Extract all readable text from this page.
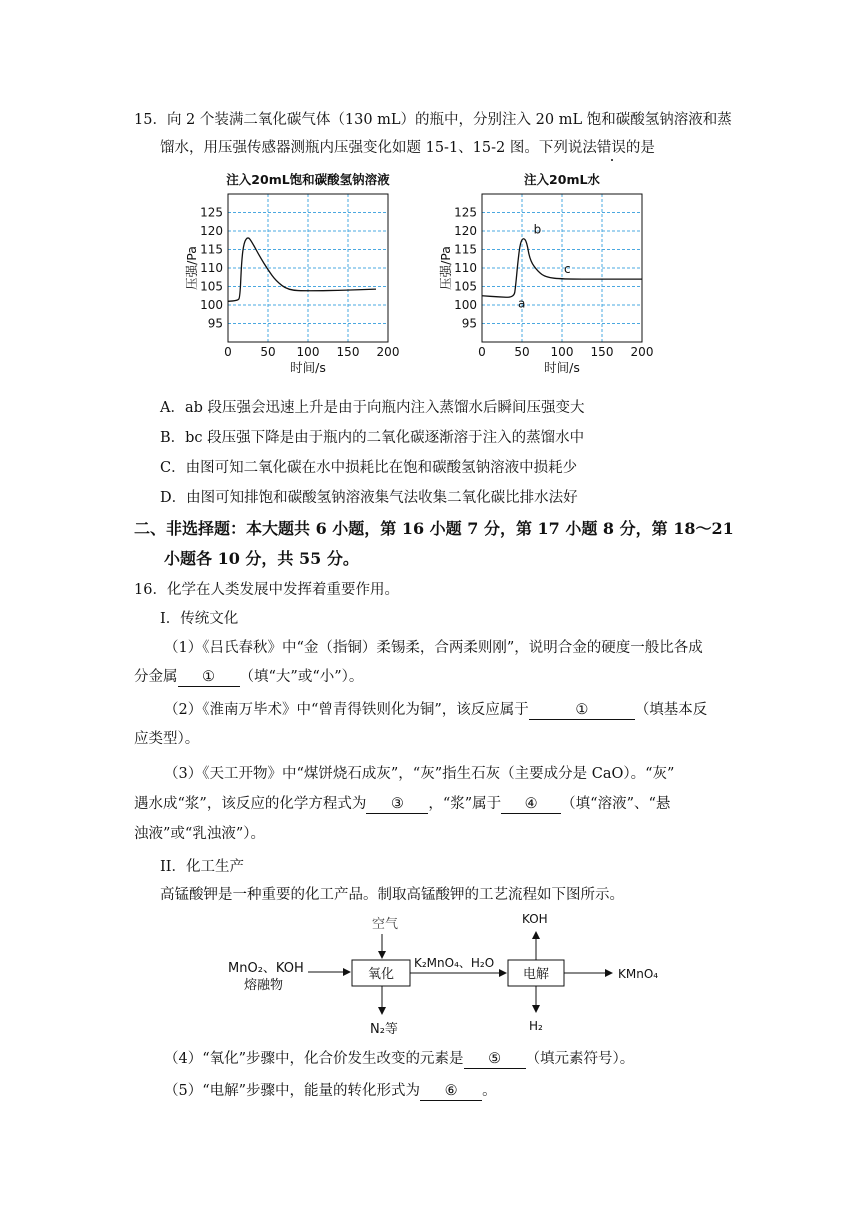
15．向 2 个装满二氧化碳气体（130 mL）的瓶中，分别注入 20 mL 饱和碳酸氢钠溶液和蒸
馏水，用压强传感器测瓶内压强变化如题 15-1、15-2 图。下列说法错误的是
注入20mL饱和碳酸氢钠溶液
0 50 100 150 200
95
100
105
110
115
120
125
时间/s
压强/Pa
注入20mL水
0 50 100 150 200
95
100
105
110
115
120
125
时间/s
压强/Pa
a
b
c
A．ab 段压强会迅速上升是由于向瓶内注入蒸馏水后瞬间压强变大
B．bc 段压强下降是由于瓶内的二氧化碳逐渐溶于注入的蒸馏水中
C．由图可知二氧化碳在水中损耗比在饱和碳酸氢钠溶液中损耗少
D．由图可知排饱和碳酸氢钠溶液集气法收集二氧化碳比排水法好
二、非选择题：本大题共 6 小题，第 16 小题 7 分，第 17 小题 8 分，第 18～21
小题各 10 分，共 55 分。
16．化学在人类发展中发挥着重要作用。
I．传统文化
（1）《吕氏春秋》中“金（指铜）柔锡柔，合两柔则刚”，说明合金的硬度一般比各成
分金属 ① （填“大”或“小”）。
（2）《淮南万毕术》中“曾青得铁则化为铜”，该反应属于	①	（填基本反
应类型）。
（3）《天工开物》中“煤饼烧石成灰”，“灰”指生石灰（主要成分是 CaO）。“灰”
遇水成“浆”，该反应的化学方程式为 ③ ，“浆”属于 ④ （填“溶液”、“悬
浊液”或“乳浊液”）。
II．化工生产
高锰酸钾是一种重要的化工产品。制取高锰酸钾的工艺流程如下图所示。
MnO₂、KOH
熔融物
空气
氧化
N₂等
K₂MnO₄、H₂O
电解
KOH
H₂
KMnO₄
（4）“氧化”步骤中，化合价发生改变的元素是 ⑤ （填元素符号）。
（5）“电解”步骤中，能量的转化形式为 ⑥ 。
